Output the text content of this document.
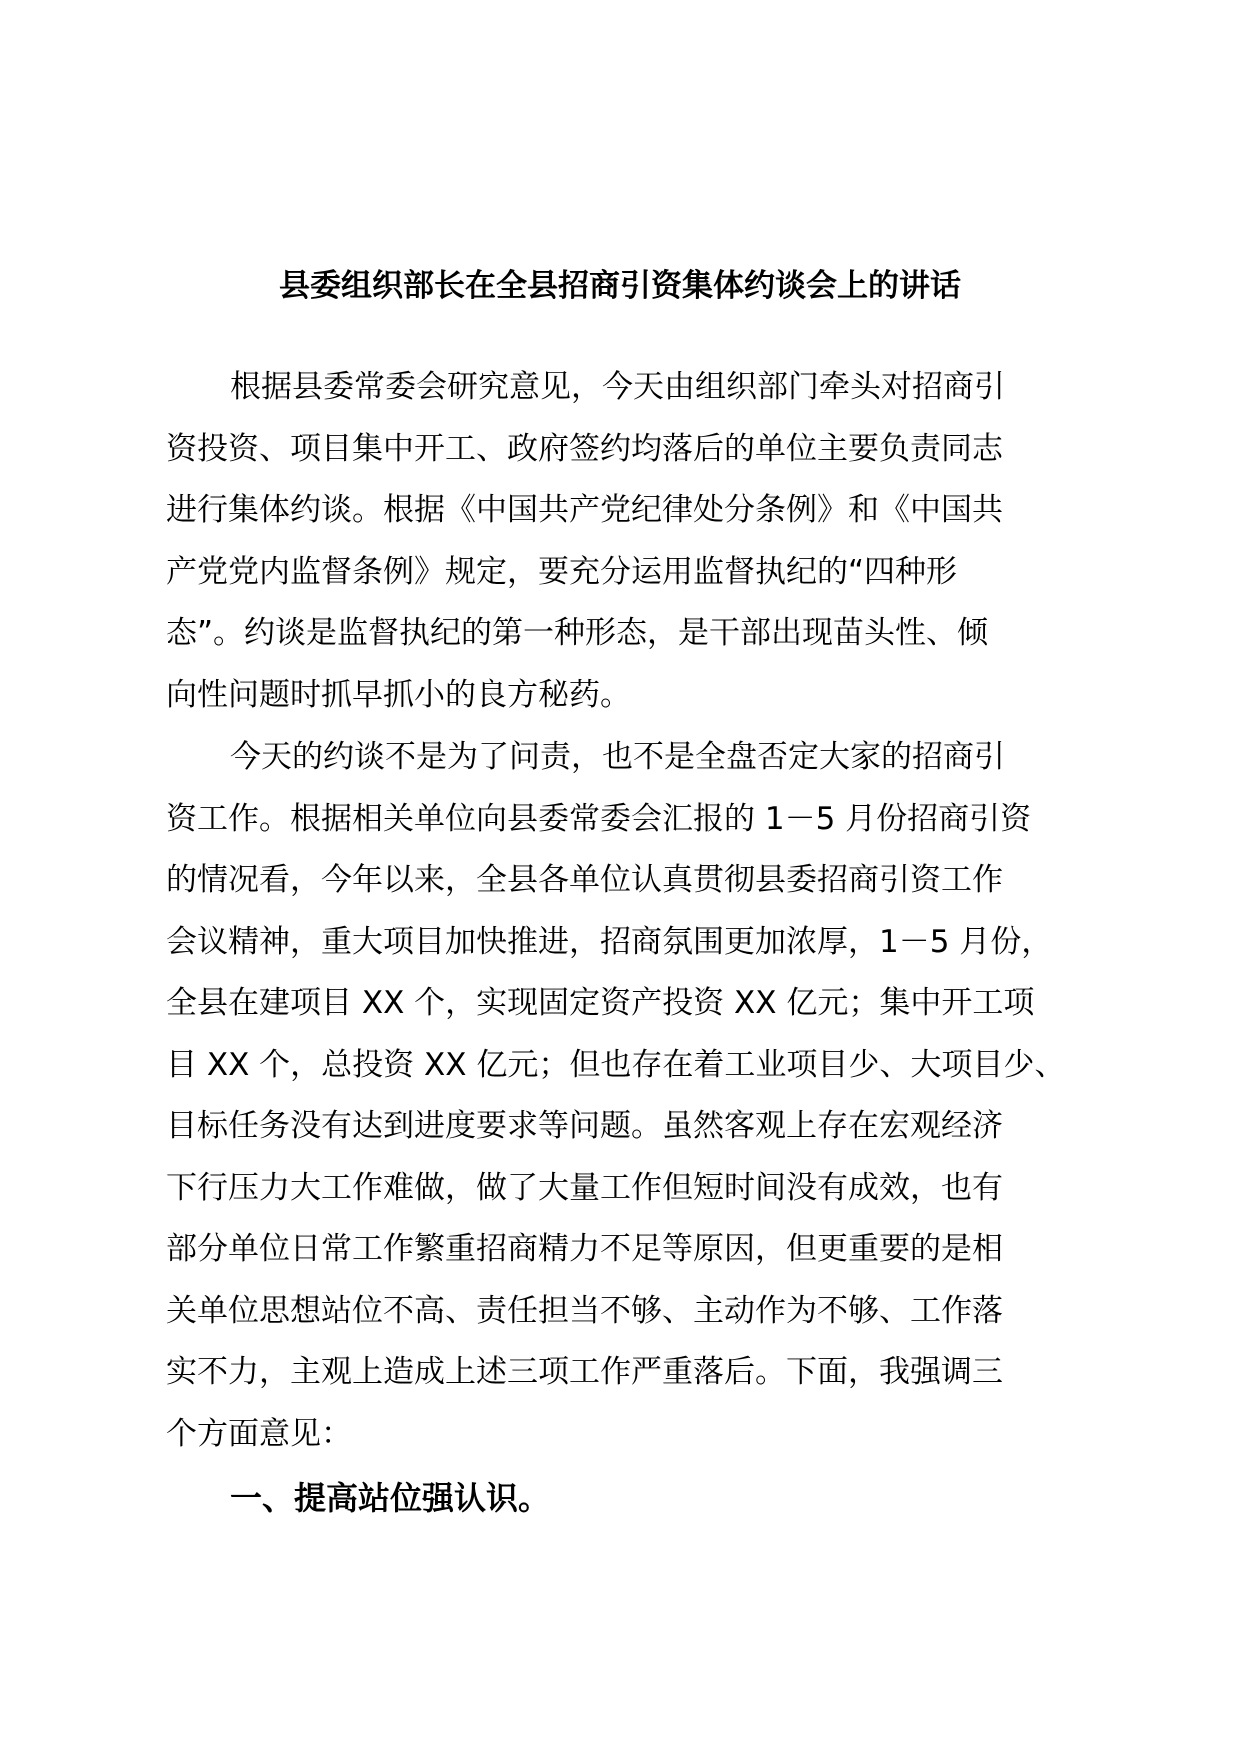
县委组织部长在全县招商引资集体约谈会上的讲话
根据县委常委会研究意见，今天由组织部门牵头对招商引
资投资、项目集中开工、政府签约均落后的单位主要负责同志
进行集体约谈。根据《中国共产党纪律处分条例》和《中国共
产党党内监督条例》规定，要充分运用监督执纪的“四种形
态”。约谈是监督执纪的第一种形态，是干部出现苗头性、倾
向性问题时抓早抓小的良方秘药。
今天的约谈不是为了问责，也不是全盘否定大家的招商引
资工作。根据相关单位向县委常委会汇报的 1－5 月份招商引资
的情况看，今年以来，全县各单位认真贯彻县委招商引资工作
会议精神，重大项目加快推进，招商氛围更加浓厚，1－5 月份，
全县在建项目 XX 个，实现固定资产投资 XX 亿元；集中开工项
目 XX 个，总投资 XX 亿元；但也存在着工业项目少、大项目少、
目标任务没有达到进度要求等问题。虽然客观上存在宏观经济
下行压力大工作难做，做了大量工作但短时间没有成效，也有
部分单位日常工作繁重招商精力不足等原因，但更重要的是相
关单位思想站位不高、责任担当不够、主动作为不够、工作落
实不力，主观上造成上述三项工作严重落后。下面，我强调三
个方面意见：
一、提高站位强认识。
